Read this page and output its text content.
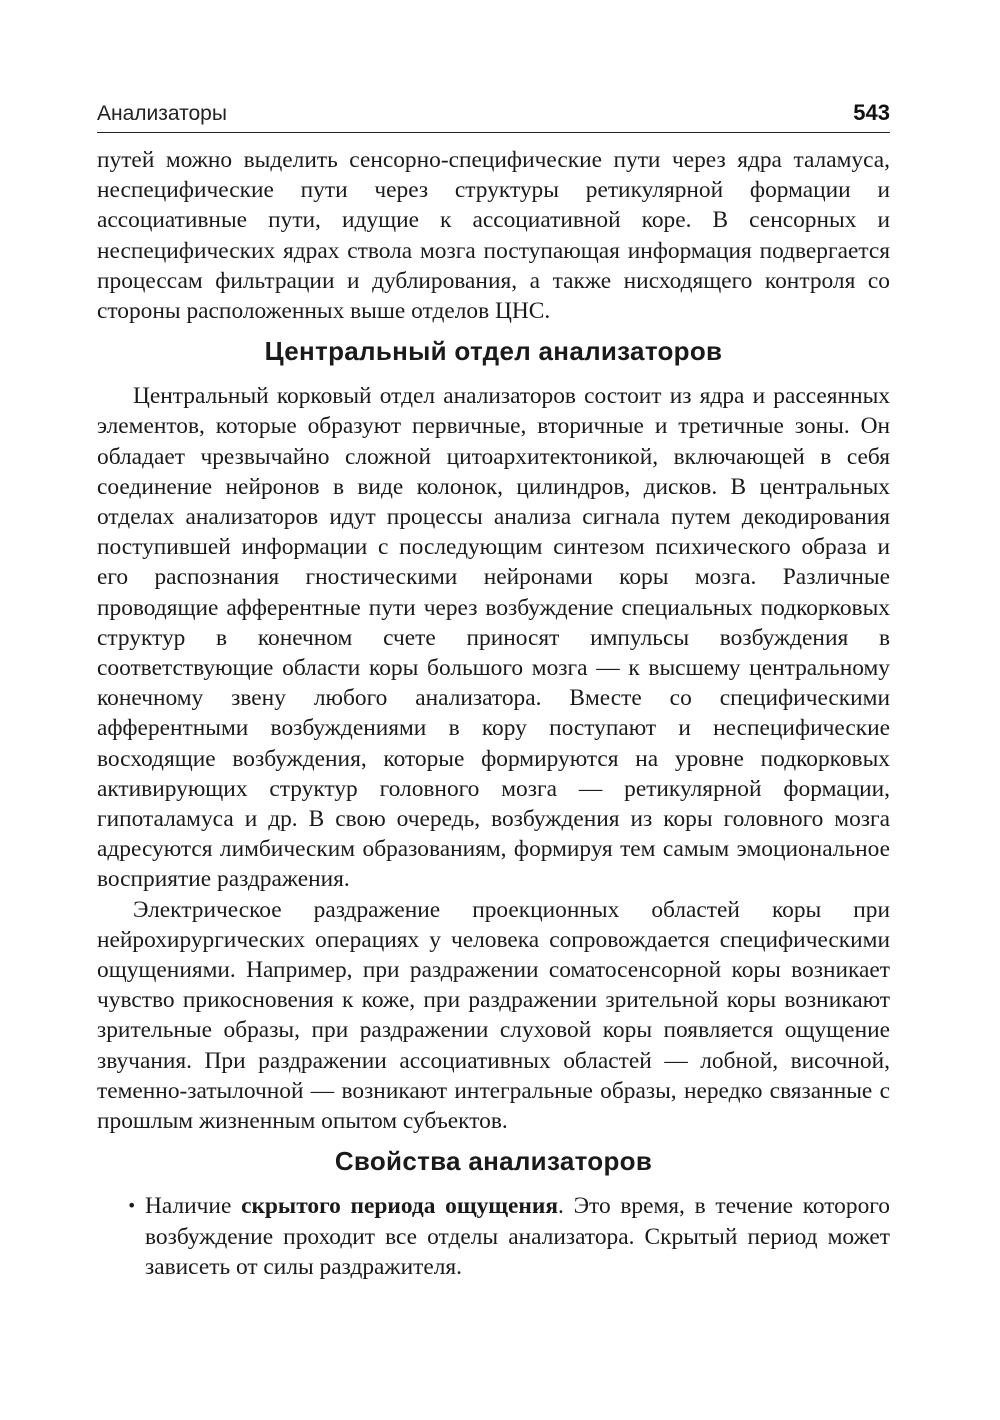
Анализаторы	543

путей можно выделить сенсорно-специфические пути через ядра таламуса, неспецифические пути через структуры ретикулярной формации и ассоциативные пути, идущие к ассоциативной коре. В сенсорных и неспецифических ядрах ствола мозга поступающая информация подвергается процессам фильтрации и дублирования, а также нисходящего контроля со стороны расположенных выше отделов ЦНС.

Центральный отдел анализаторов

Центральный корковый отдел анализаторов состоит из ядра и рассеянных элементов, которые образуют первичные, вторичные и третичные зоны. Он обладает чрезвычайно сложной цитоархитектоникой, включающей в себя соединение нейронов в виде колонок, цилиндров, дисков. В центральных отделах анализаторов идут процессы анализа сигнала путем декодирования поступившей информации с последующим синтезом психического образа и его распознания гностическими нейронами коры мозга. Различные проводящие афферентные пути через возбуждение специальных подкорковых структур в конечном счете приносят импульсы возбуждения в соответствующие области коры большого мозга — к высшему центральному конечному звену любого анализатора. Вместе со специфическими афферентными возбуждениями в кору поступают и неспецифические восходящие возбуждения, которые формируются на уровне подкорковых активирующих структур головного мозга — ретикулярной формации, гипоталамуса и др. В свою очередь, возбуждения из коры головного мозга адресуются лимбическим образованиям, формируя тем самым эмоциональное восприятие раздражения.

Электрическое раздражение проекционных областей коры при нейрохирургических операциях у человека сопровождается специфическими ощущениями. Например, при раздражении соматосенсорной коры возникает чувство прикосновения к коже, при раздражении зрительной коры возникают зрительные образы, при раздражении слуховой коры появляется ощущение звучания. При раздражении ассоциативных областей — лобной, височной, теменно-затылочной — возникают интегральные образы, нередко связанные с прошлым жизненным опытом субъектов.

Свойства анализаторов
• Наличие скрытого периода ощущения. Это время, в течение которого возбуждение проходит все отделы анализатора. Скрытый период может зависеть от силы раздражителя.
